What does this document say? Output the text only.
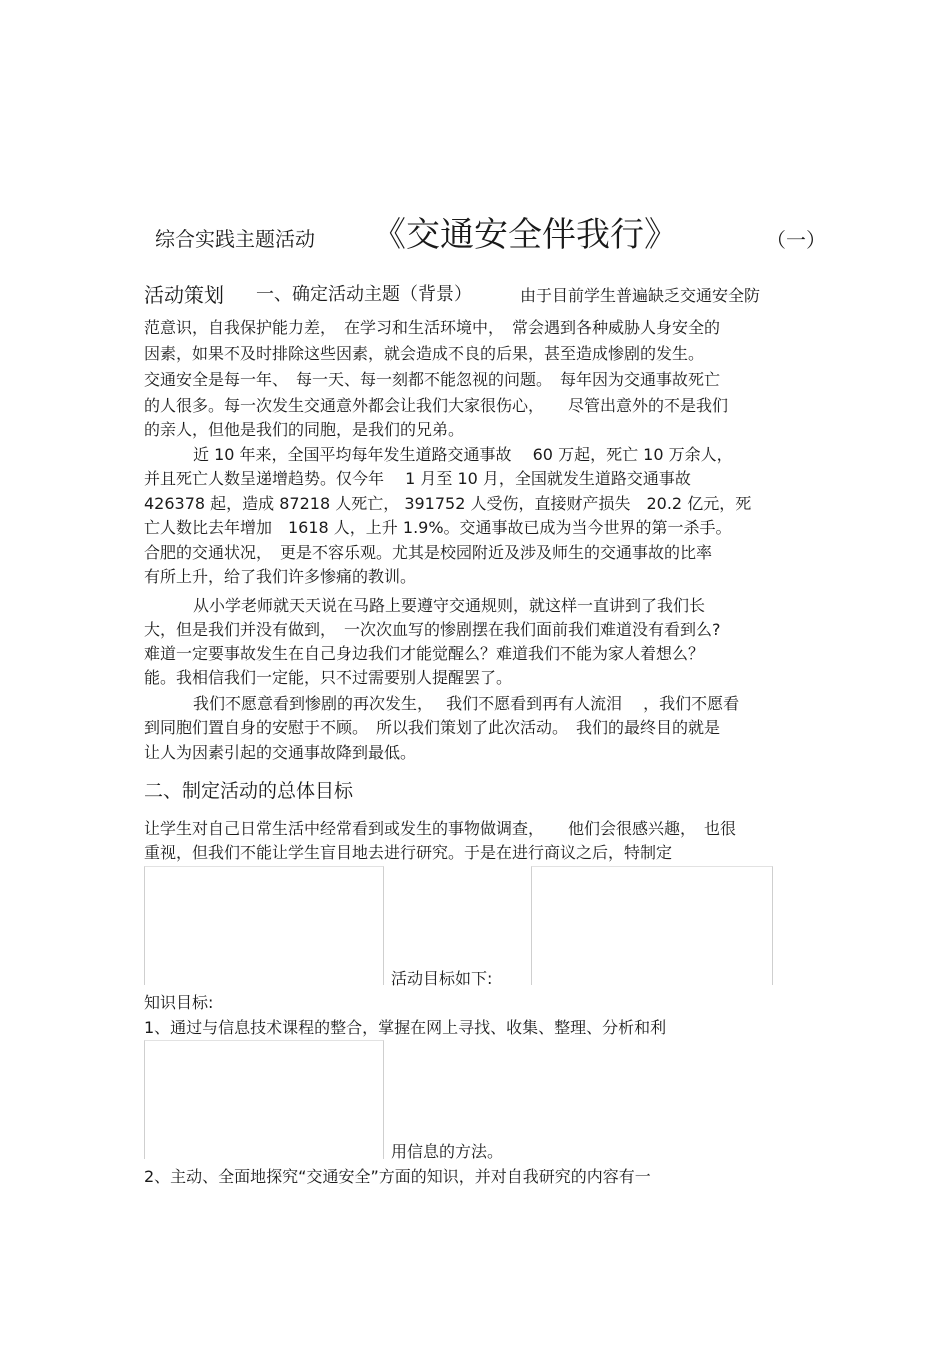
综合实践主题活动 《交通安全伴我行》	（一）
活动策划 一、确定活动主题（背景）	由于目前学生普遍缺乏交通安全防
范意识，自我保护能力差，　在学习和生活环境中，　常会遇到各种威胁人身安全的
因素，如果不及时排除这些因素，就会造成不良的后果，甚至造成惨剧的发生。
交通安全是每一年、　每一天、每一刻都不能忽视的问题。　每年因为交通事故死亡
的人很多。每一次发生交通意外都会让我们大家很伤心，　　尽管出意外的不是我们
的亲人，但他是我们的同胞，是我们的兄弟。
近 10 年来，全国平均每年发生道路交通事故　 60 万起，死亡 10 万余人，
并且死亡人数呈递增趋势。仅今年　 1 月至 10 月，全国就发生道路交通事故
426378 起，造成 87218 人死亡， 391752 人受伤，直接财产损失　20.2 亿元，死
亡人数比去年增加　1618 人，上升 1.9%。交通事故已成为当今世界的第一杀手。
合肥的交通状况，　更是不容乐观。尤其是校园附近及涉及师生的交通事故的比率
有所上升，给了我们许多惨痛的教训。
从小学老师就天天说在马路上要遵守交通规则，就这样一直讲到了我们长
大，但是我们并没有做到，　一次次血写的惨剧摆在我们面前我们难道没有看到么?
难道一定要事故发生在自己身边我们才能觉醒么？难道我们不能为家人着想么？
能。我相信我们一定能，只不过需要别人提醒罢了。
我们不愿意看到惨剧的再次发生，　 我们不愿看到再有人流泪　 ，我们不愿看
到同胞们置自身的安慰于不顾。　所以我们策划了此次活动。　我们的最终目的就是
让人为因素引起的交通事故降到最低。
二、制定活动的总体目标
让学生对自己日常生活中经常看到或发生的事物做调查，　　他们会很感兴趣，　也很
重视，但我们不能让学生盲目地去进行研究。于是在进行商议之后，特制定
活动目标如下:
知识目标:
1、通过与信息技术课程的整合，掌握在网上寻找、收集、整理、分析和利
用信息的方法。
2、主动、全面地探究“交通安全”方面的知识，并对自我研究的内容有一
